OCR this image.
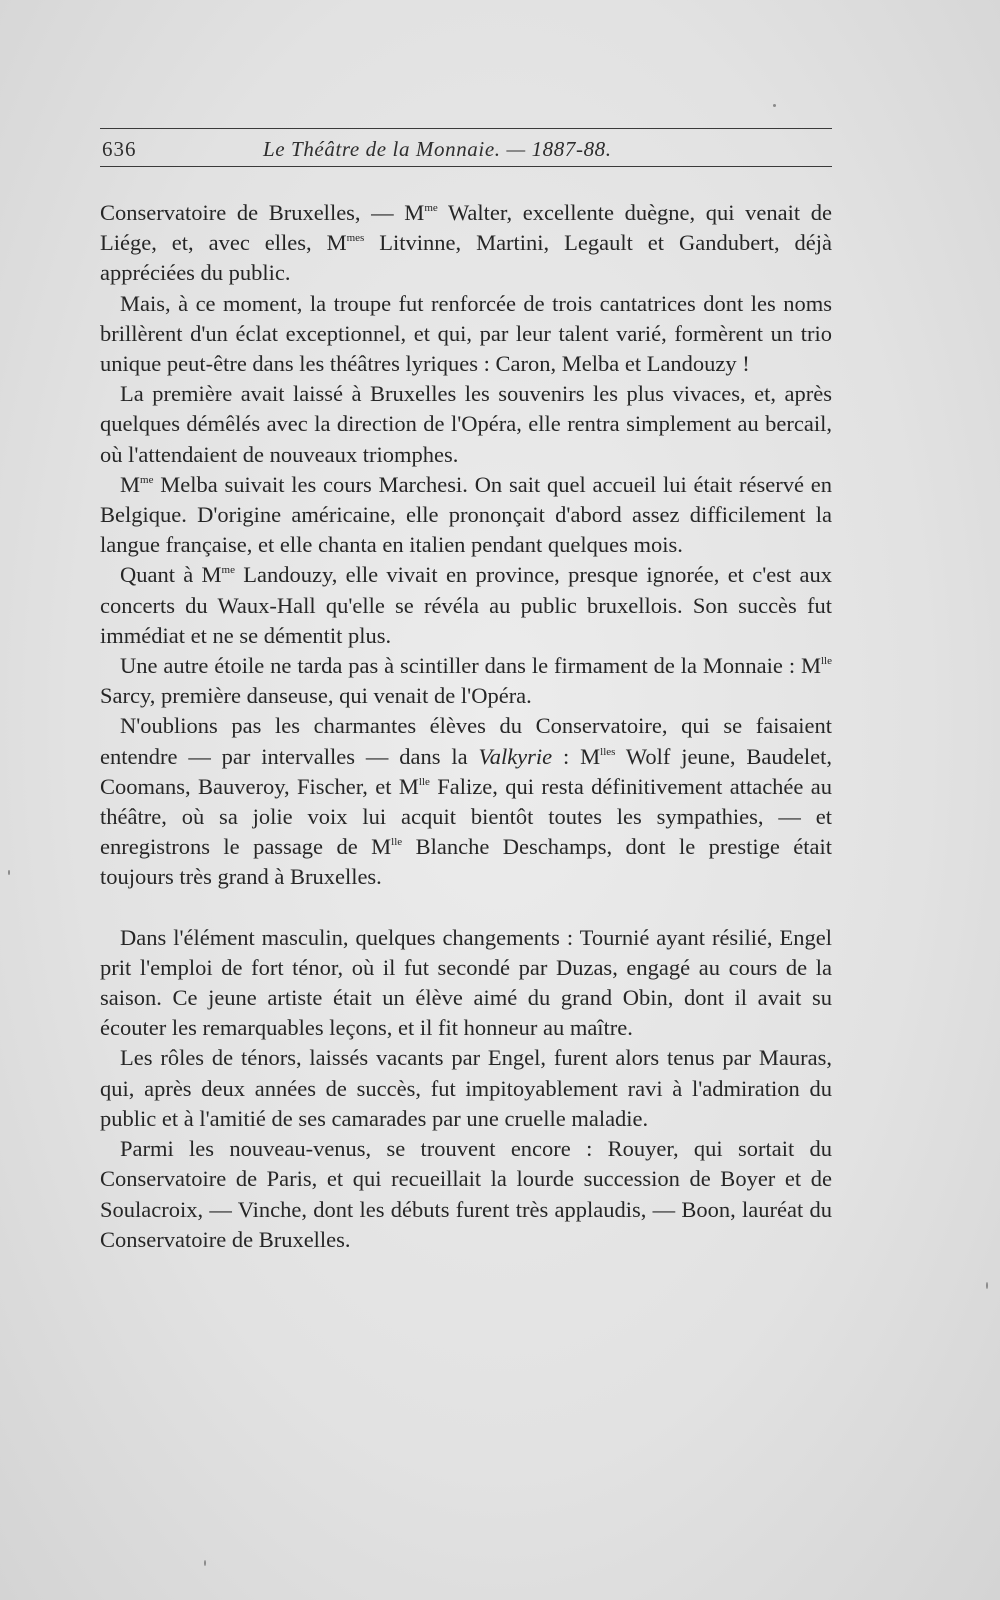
636	Le Théâtre de la Monnaie. — 1887-88.

Conservatoire de Bruxelles, — $M^{me}$ Walter, excellente duègne, qui venait de Liége, et, avec elles, $M^{mes}$ Litvinne, Martini, Legault et Gandubert, déjà appréciées du public.

Mais, à ce moment, la troupe fut renforcée de trois cantatrices dont les noms brillèrent d'un éclat exceptionnel, et qui, par leur talent varié, formèrent un trio unique peut-être dans les théâtres lyriques : Caron, Melba et Landouzy !

La première avait laissé à Bruxelles les souvenirs les plus vivaces, et, après quelques démêlés avec la direction de l'Opéra, elle rentra simplement au bercail, où l'attendaient de nouveaux triomphes.

$M^{me}$ Melba suivait les cours Marchesi. On sait quel accueil lui était réservé en Belgique. D'origine américaine, elle prononçait d'abord assez difficilement la langue française, et elle chanta en italien pendant quelques mois.

Quant à $M^{me}$ Landouzy, elle vivait en province, presque ignorée, et c'est aux concerts du Waux-Hall qu'elle se révéla au public bruxellois. Son succès fut immédiat et ne se démentit plus.

Une autre étoile ne tarda pas à scintiller dans le firmament de la Monnaie : $M^{lle}$ Sarcy, première danseuse, qui venait de l'Opéra.

N'oublions pas les charmantes élèves du Conservatoire, qui se faisaient entendre — par intervalles — dans la Valkyrie : $M^{lles}$ Wolf jeune, Baudelet, Coomans, Bauveroy, Fischer, et $M^{lle}$ Falize, qui resta définitivement attachée au théâtre, où sa jolie voix lui acquit bientôt toutes les sympathies, — et enregistrons le passage de $M^{lle}$ Blanche Deschamps, dont le prestige était toujours très grand à Bruxelles.

Dans l'élément masculin, quelques changements : Tournié ayant résilié, Engel prit l'emploi de fort ténor, où il fut secondé par Duzas, engagé au cours de la saison. Ce jeune artiste était un élève aimé du grand Obin, dont il avait su écouter les remarquables leçons, et il fit honneur au maître.

Les rôles de ténors, laissés vacants par Engel, furent alors tenus par Mauras, qui, après deux années de succès, fut impitoyablement ravi à l'admiration du public et à l'amitié de ses camarades par une cruelle maladie.

Parmi les nouveau-venus, se trouvent encore : Rouyer, qui sortait du Conservatoire de Paris, et qui recueillait la lourde succession de Boyer et de Soulacroix, — Vinche, dont les débuts furent très applaudis, — Boon, lauréat du Conservatoire de Bruxelles.
